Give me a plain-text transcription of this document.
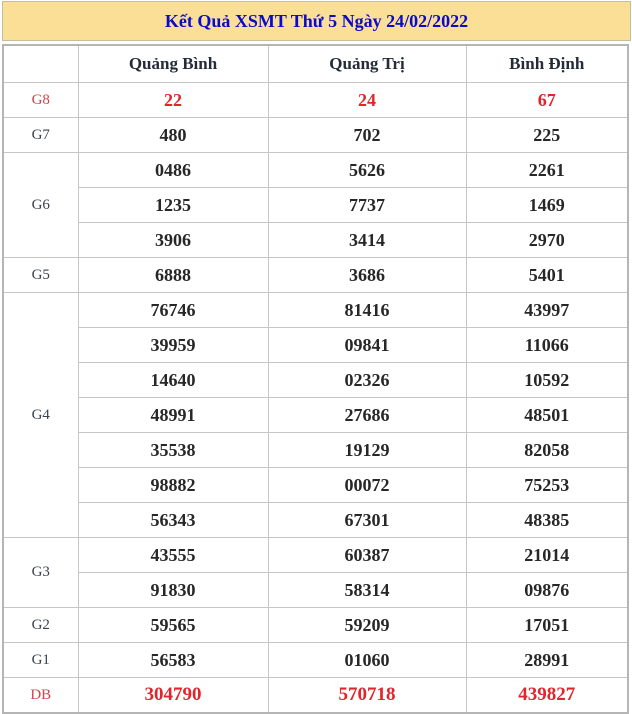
Kết Quả XSMT Thứ 5 Ngày 24/02/2022
	Quảng Bình	Quảng Trị	Bình Định
G8	22	24	67
G7	480	702	225
G6	0486	5626	2261
	1235	7737	1469
	3906	3414	2970
G5	6888	3686	5401
G4	76746	81416	43997
	39959	09841	11066
	14640	02326	10592
	48991	27686	48501
	35538	19129	82058
	98882	00072	75253
	56343	67301	48385
G3	43555	60387	21014
	91830	58314	09876
G2	59565	59209	17051
G1	56583	01060	28991
DB	304790	570718	439827
